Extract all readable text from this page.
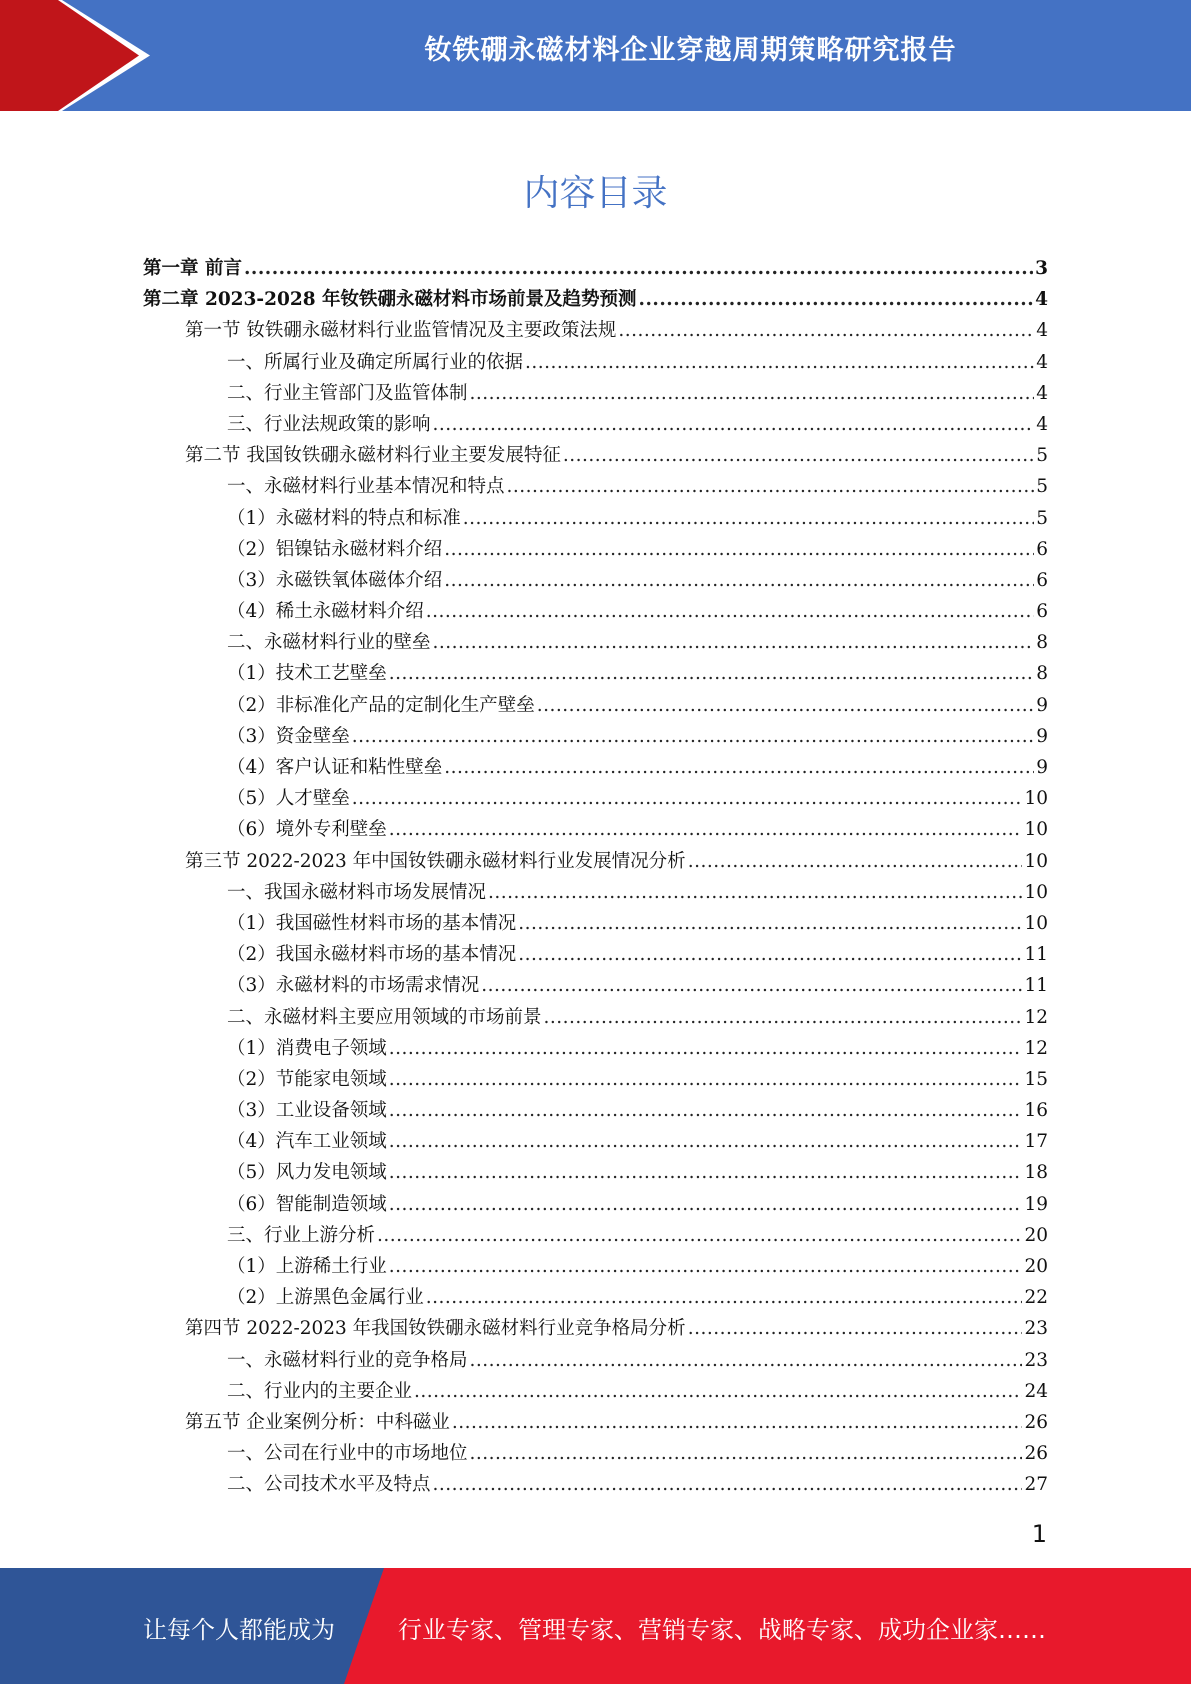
钕铁硼永磁材料企业穿越周期策略研究报告
内容目录
第一章 前言 .....	3
第二章 2023-2028 年钕铁硼永磁材料市场前景及趋势预测 .....	4
第一节 钕铁硼永磁材料行业监管情况及主要政策法规 .....	4
一、所属行业及确定所属行业的依据 .....	4
二、行业主管部门及监管体制 .....	4
三、行业法规政策的影响 .....	4
第二节 我国钕铁硼永磁材料行业主要发展特征 .....	5
一、永磁材料行业基本情况和特点 .....	5
（1）永磁材料的特点和标准 .....	5
（2）铝镍钴永磁材料介绍 .....	6
（3）永磁铁氧体磁体介绍 .....	6
（4）稀土永磁材料介绍 .....	6
二、永磁材料行业的壁垒 .....	8
（1）技术工艺壁垒 .....	8
（2）非标准化产品的定制化生产壁垒 .....	9
（3）资金壁垒 .....	9
（4）客户认证和粘性壁垒 .....	9
（5）人才壁垒 .....	10
（6）境外专利壁垒 .....	10
第三节 2022-2023 年中国钕铁硼永磁材料行业发展情况分析 .....	10
一、我国永磁材料市场发展情况 .....	10
（1）我国磁性材料市场的基本情况 .....	10
（2）我国永磁材料市场的基本情况 .....	11
（3）永磁材料的市场需求情况 .....	11
二、永磁材料主要应用领域的市场前景 .....	12
（1）消费电子领域 .....	12
（2）节能家电领域 .....	15
（3）工业设备领域 .....	16
（4）汽车工业领域 .....	17
（5）风力发电领域 .....	18
（6）智能制造领域 .....	19
三、行业上游分析 .....	20
（1）上游稀土行业 .....	20
（2）上游黑色金属行业 .....	22
第四节 2022-2023 年我国钕铁硼永磁材料行业竞争格局分析 .....	23
一、永磁材料行业的竞争格局 .....	23
二、行业内的主要企业 .....	24
第五节 企业案例分析：中科磁业 .....	26
一、公司在行业中的市场地位 .....	26
二、公司技术水平及特点 .....	27
1
让每个人都能成为	行业专家、管理专家、营销专家、战略专家、成功企业家……
